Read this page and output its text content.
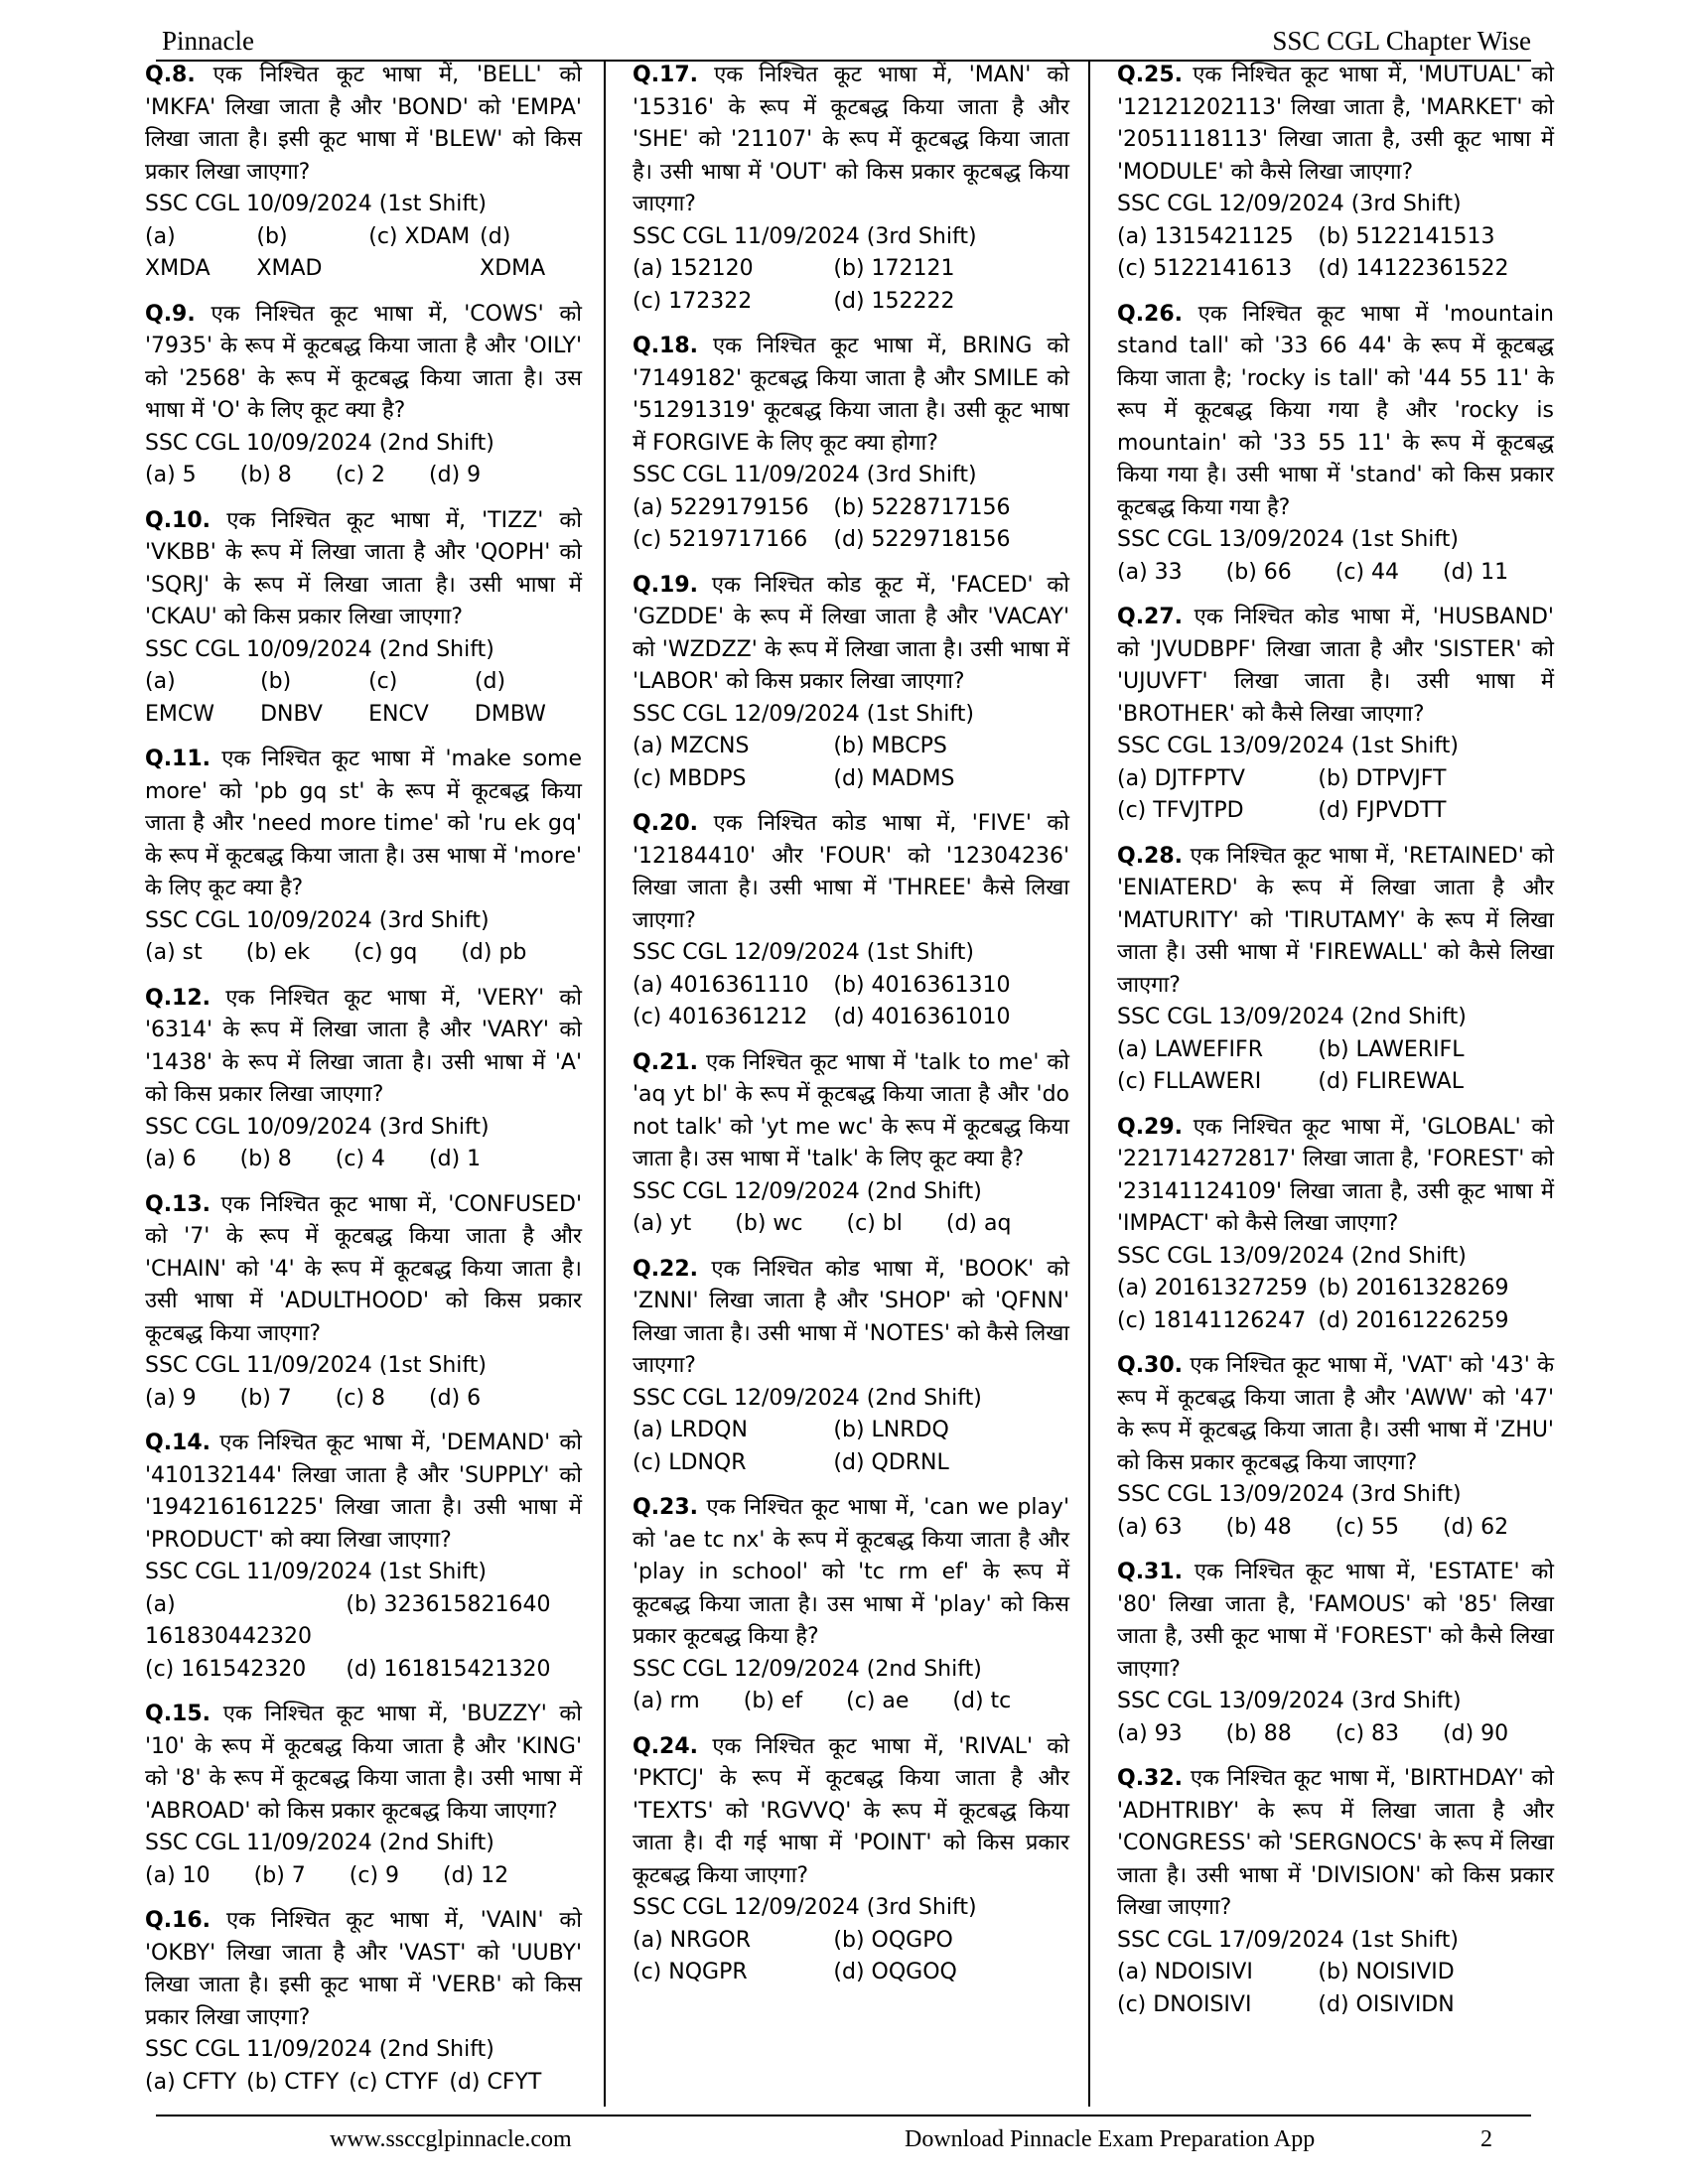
Pinnacle	SSC CGL Chapter Wise
Q.8. एक निश्चित कूट भाषा में, 'BELL' को 'MKFA' लिखा जाता है और 'BOND' को 'EMPA' लिखा जाता है। इसी कूट भाषा में 'BLEW' को किस प्रकार लिखा जाएगा?
SSC CGL 10/09/2024 (1st Shift)
(a) XMDA
(b) XMAD
(c) XDAM (d) XDMA
Q.9. एक निश्चित कूट भाषा में, 'COWS' को '7935' के रूप में कूटबद्ध किया जाता है और 'OILY' को '2568' के रूप में कूटबद्ध किया जाता है। उस भाषा में 'O' के लिए कूट क्या है?
SSC CGL 10/09/2024 (2nd Shift)
(a) 5 (b) 8 (c) 2 (d) 9
Q.10. एक निश्चित कूट भाषा में, 'TIZZ' को 'VKBB' के रूप में लिखा जाता है और 'QOPH' को 'SQRJ' के रूप में लिखा जाता है। उसी भाषा में 'CKAU' को किस प्रकार लिखा जाएगा?
SSC CGL 10/09/2024 (2nd Shift)
(a) EMCW
(b) DNBV
(c) ENCV
(d) DMBW
Q.11. एक निश्चित कूट भाषा में 'make some more' को 'pb gq st' के रूप में कूटबद्ध किया जाता है और 'need more time' को 'ru ek gq' के रूप में कूटबद्ध किया जाता है। उस भाषा में 'more' के लिए कूट क्या है?
SSC CGL 10/09/2024 (3rd Shift)
(a) st (b) ek (c) gq (d) pb
Q.12. एक निश्चित कूट भाषा में, 'VERY' को '6314' के रूप में लिखा जाता है और 'VARY' को '1438' के रूप में लिखा जाता है। उसी भाषा में 'A' को किस प्रकार लिखा जाएगा?
SSC CGL 10/09/2024 (3rd Shift)
(a) 6 (b) 8 (c) 4 (d) 1
Q.13. एक निश्चित कूट भाषा में, 'CONFUSED' को '7' के रूप में कूटबद्ध किया जाता है और 'CHAIN' को '4' के रूप में कूटबद्ध किया जाता है। उसी भाषा में 'ADULTHOOD' को किस प्रकार कूटबद्ध किया जाएगा?
SSC CGL 11/09/2024 (1st Shift)
(a) 9 (b) 7 (c) 8 (d) 6
Q.14. एक निश्चित कूट भाषा में, 'DEMAND' को '410132144' लिखा जाता है और 'SUPPLY' को '194216161225' लिखा जाता है। उसी भाषा में 'PRODUCT' को क्या लिखा जाएगा?
SSC CGL 11/09/2024 (1st Shift)
(a) 161830442320
(b) 323615821640
(c) 161542320	(d) 161815421320
Q.15. एक निश्चित कूट भाषा में, 'BUZZY' को '10' के रूप में कूटबद्ध किया जाता है और 'KING' को '8' के रूप में कूटबद्ध किया जाता है। उसी भाषा में 'ABROAD' को किस प्रकार कूटबद्ध किया जाएगा?
SSC CGL 11/09/2024 (2nd Shift)
(a) 10 (b) 7 (c) 9 (d) 12
Q.16. एक निश्चित कूट भाषा में, 'VAIN' को 'OKBY' लिखा जाता है और 'VAST' को 'UUBY' लिखा जाता है। इसी कूट भाषा में 'VERB' को किस प्रकार लिखा जाएगा?
SSC CGL 11/09/2024 (2nd Shift)
(a) CFTY (b) CTFY (c) CTYF (d) CFYT
Q.17. एक निश्चित कूट भाषा में, 'MAN' को '15316' के रूप में कूटबद्ध किया जाता है और 'SHE' को '21107' के रूप में कूटबद्ध किया जाता है। उसी भाषा में 'OUT' को किस प्रकार कूटबद्ध किया जाएगा?
SSC CGL 11/09/2024 (3rd Shift)
(a) 152120	(b) 172121
(c) 172322	(d) 152222
Q.18. एक निश्चित कूट भाषा में, BRING को '7149182' कूटबद्ध किया जाता है और SMILE को '51291319' कूटबद्ध किया जाता है। उसी कूट भाषा में FORGIVE के लिए कूट क्या होगा?
SSC CGL 11/09/2024 (3rd Shift)
(a) 5229179156	(b) 5228717156
(c) 5219717166	(d) 5229718156
Q.19. एक निश्चित कोड कूट में, 'FACED' को 'GZDDE' के रूप में लिखा जाता है और 'VACAY' को 'WZDZZ' के रूप में लिखा जाता है। उसी भाषा में 'LABOR' को किस प्रकार लिखा जाएगा?
SSC CGL 12/09/2024 (1st Shift)
(a) MZCNS	(b) MBCPS
(c) MBDPS	(d) MADMS
Q.20. एक निश्चित कोड भाषा में, 'FIVE' को '12184410' और 'FOUR' को '12304236' लिखा जाता है। उसी भाषा में 'THREE' कैसे लिखा जाएगा?
SSC CGL 12/09/2024 (1st Shift)
(a) 4016361110	(b) 4016361310
(c) 4016361212	(d) 4016361010
Q.21. एक निश्चित कूट भाषा में 'talk to me' को 'aq yt bl' के रूप में कूटबद्ध किया जाता है और 'do not talk' को 'yt me wc' के रूप में कूटबद्ध किया जाता है। उस भाषा में 'talk' के लिए कूट क्या है?
SSC CGL 12/09/2024 (2nd Shift)
(a) yt (b) wc (c) bl (d) aq
Q.22. एक निश्चित कोड भाषा में, 'BOOK' को 'ZNNI' लिखा जाता है और 'SHOP' को 'QFNN' लिखा जाता है। उसी भाषा में 'NOTES' को कैसे लिखा जाएगा?
SSC CGL 12/09/2024 (2nd Shift)
(a) LRDQN	(b) LNRDQ
(c) LDNQR	(d) QDRNL
Q.23. एक निश्चित कूट भाषा में, 'can we play' को 'ae tc nx' के रूप में कूटबद्ध किया जाता है और 'play in school' को 'tc rm ef' के रूप में कूटबद्ध किया जाता है। उस भाषा में 'play' को किस प्रकार कूटबद्ध किया है?
SSC CGL 12/09/2024 (2nd Shift)
(a) rm (b) ef (c) ae (d) tc
Q.24. एक निश्चित कूट भाषा में, 'RIVAL' को 'PKTCJ' के रूप में कूटबद्ध किया जाता है और 'TEXTS' को 'RGVVQ' के रूप में कूटबद्ध किया जाता है। दी गई भाषा में 'POINT' को किस प्रकार कूटबद्ध किया जाएगा?
SSC CGL 12/09/2024 (3rd Shift)
(a) NRGOR	(b) OQGPO
(c) NQGPR	(d) OQGOQ
Q.25. एक निश्चित कूट भाषा में, 'MUTUAL' को '12121202113' लिखा जाता है, 'MARKET' को '2051118113' लिखा जाता है, उसी कूट भाषा में 'MODULE' को कैसे लिखा जाएगा?
SSC CGL 12/09/2024 (3rd Shift)
(a) 1315421125	(b) 5122141513
(c) 5122141613	(d) 14122361522
Q.26. एक निश्चित कूट भाषा में 'mountain stand tall' को '33 66 44' के रूप में कूटबद्ध किया जाता है; 'rocky is tall' को '44 55 11' के रूप में कूटबद्ध किया गया है और 'rocky is mountain' को '33 55 11' के रूप में कूटबद्ध किया गया है। उसी भाषा में 'stand' को किस प्रकार कूटबद्ध किया गया है?
SSC CGL 13/09/2024 (1st Shift)
(a) 33 (b) 66 (c) 44 (d) 11
Q.27. एक निश्चित कोड भाषा में, 'HUSBAND' को 'JVUDBPF' लिखा जाता है और 'SISTER' को 'UJUVFT' लिखा जाता है। उसी भाषा में 'BROTHER' को कैसे लिखा जाएगा?
SSC CGL 13/09/2024 (1st Shift)
(a) DJTFPTV	(b) DTPVJFT
(c) TFVJTPD	(d) FJPVDTT
Q.28. एक निश्चित कूट भाषा में, 'RETAINED' को 'ENIATERD' के रूप में लिखा जाता है और 'MATURITY' को 'TIRUTAMY' के रूप में लिखा जाता है। उसी भाषा में 'FIREWALL' को कैसे लिखा जाएगा?
SSC CGL 13/09/2024 (2nd Shift)
(a) LAWEFIFR	(b) LAWERIFL
(c) FLLAWERI	(d) FLIREWAL
Q.29. एक निश्चित कूट भाषा में, 'GLOBAL' को '221714272817' लिखा जाता है, 'FOREST' को '23141124109' लिखा जाता है, उसी कूट भाषा में 'IMPACT' को कैसे लिखा जाएगा?
SSC CGL 13/09/2024 (2nd Shift)
(a) 20161327259 (b) 20161328269
(c) 18141126247 (d) 20161226259
Q.30. एक निश्चित कूट भाषा में, 'VAT' को '43' के रूप में कूटबद्ध किया जाता है और 'AWW' को '47' के रूप में कूटबद्ध किया जाता है। उसी भाषा में 'ZHU' को किस प्रकार कूटबद्ध किया जाएगा?
SSC CGL 13/09/2024 (3rd Shift)
(a) 63 (b) 48 (c) 55 (d) 62
Q.31. एक निश्चित कूट भाषा में, 'ESTATE' को '80' लिखा जाता है, 'FAMOUS' को '85' लिखा जाता है, उसी कूट भाषा में 'FOREST' को कैसे लिखा जाएगा?
SSC CGL 13/09/2024 (3rd Shift)
(a) 93 (b) 88 (c) 83 (d) 90
Q.32. एक निश्चित कूट भाषा में, 'BIRTHDAY' को 'ADHTRIBY' के रूप में लिखा जाता है और 'CONGRESS' को 'SERGNOCS' के रूप में लिखा जाता है। उसी भाषा में 'DIVISION' को किस प्रकार लिखा जाएगा?
SSC CGL 17/09/2024 (1st Shift)
(a) NDOISIVI	(b) NOISIVID
(c) DNOISIVI	(d) OISIVIDN
www.ssccglpinnacle.com	Download Pinnacle Exam Preparation App	2
